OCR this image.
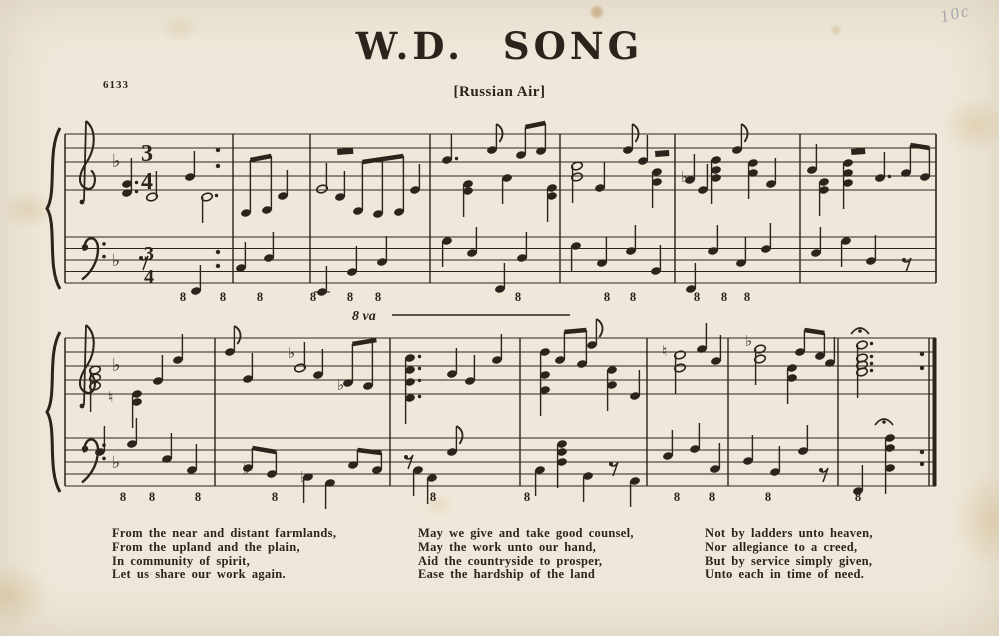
6133
W.D. SONG
[Russian Air]
10c
♭
♭
3
4
3
4
♭
8	8 8	8 8 8	8	8 8	8 8 8
♭
♭
8 va
♮
♭
♭	♮
♭
♭	♭
8 8	8	8	8	8	8 8	8	8
From the near and distant farmlands,
From the upland and the plain,
In community of spirit,
Let us share our work again.
May we give and take good counsel,
May the work unto our hand,
Aid the countryside to prosper,
Ease the hardship of the land
Not by ladders unto heaven,
Nor allegiance to a creed,
But by service simply given,
Unto each in time of need.
